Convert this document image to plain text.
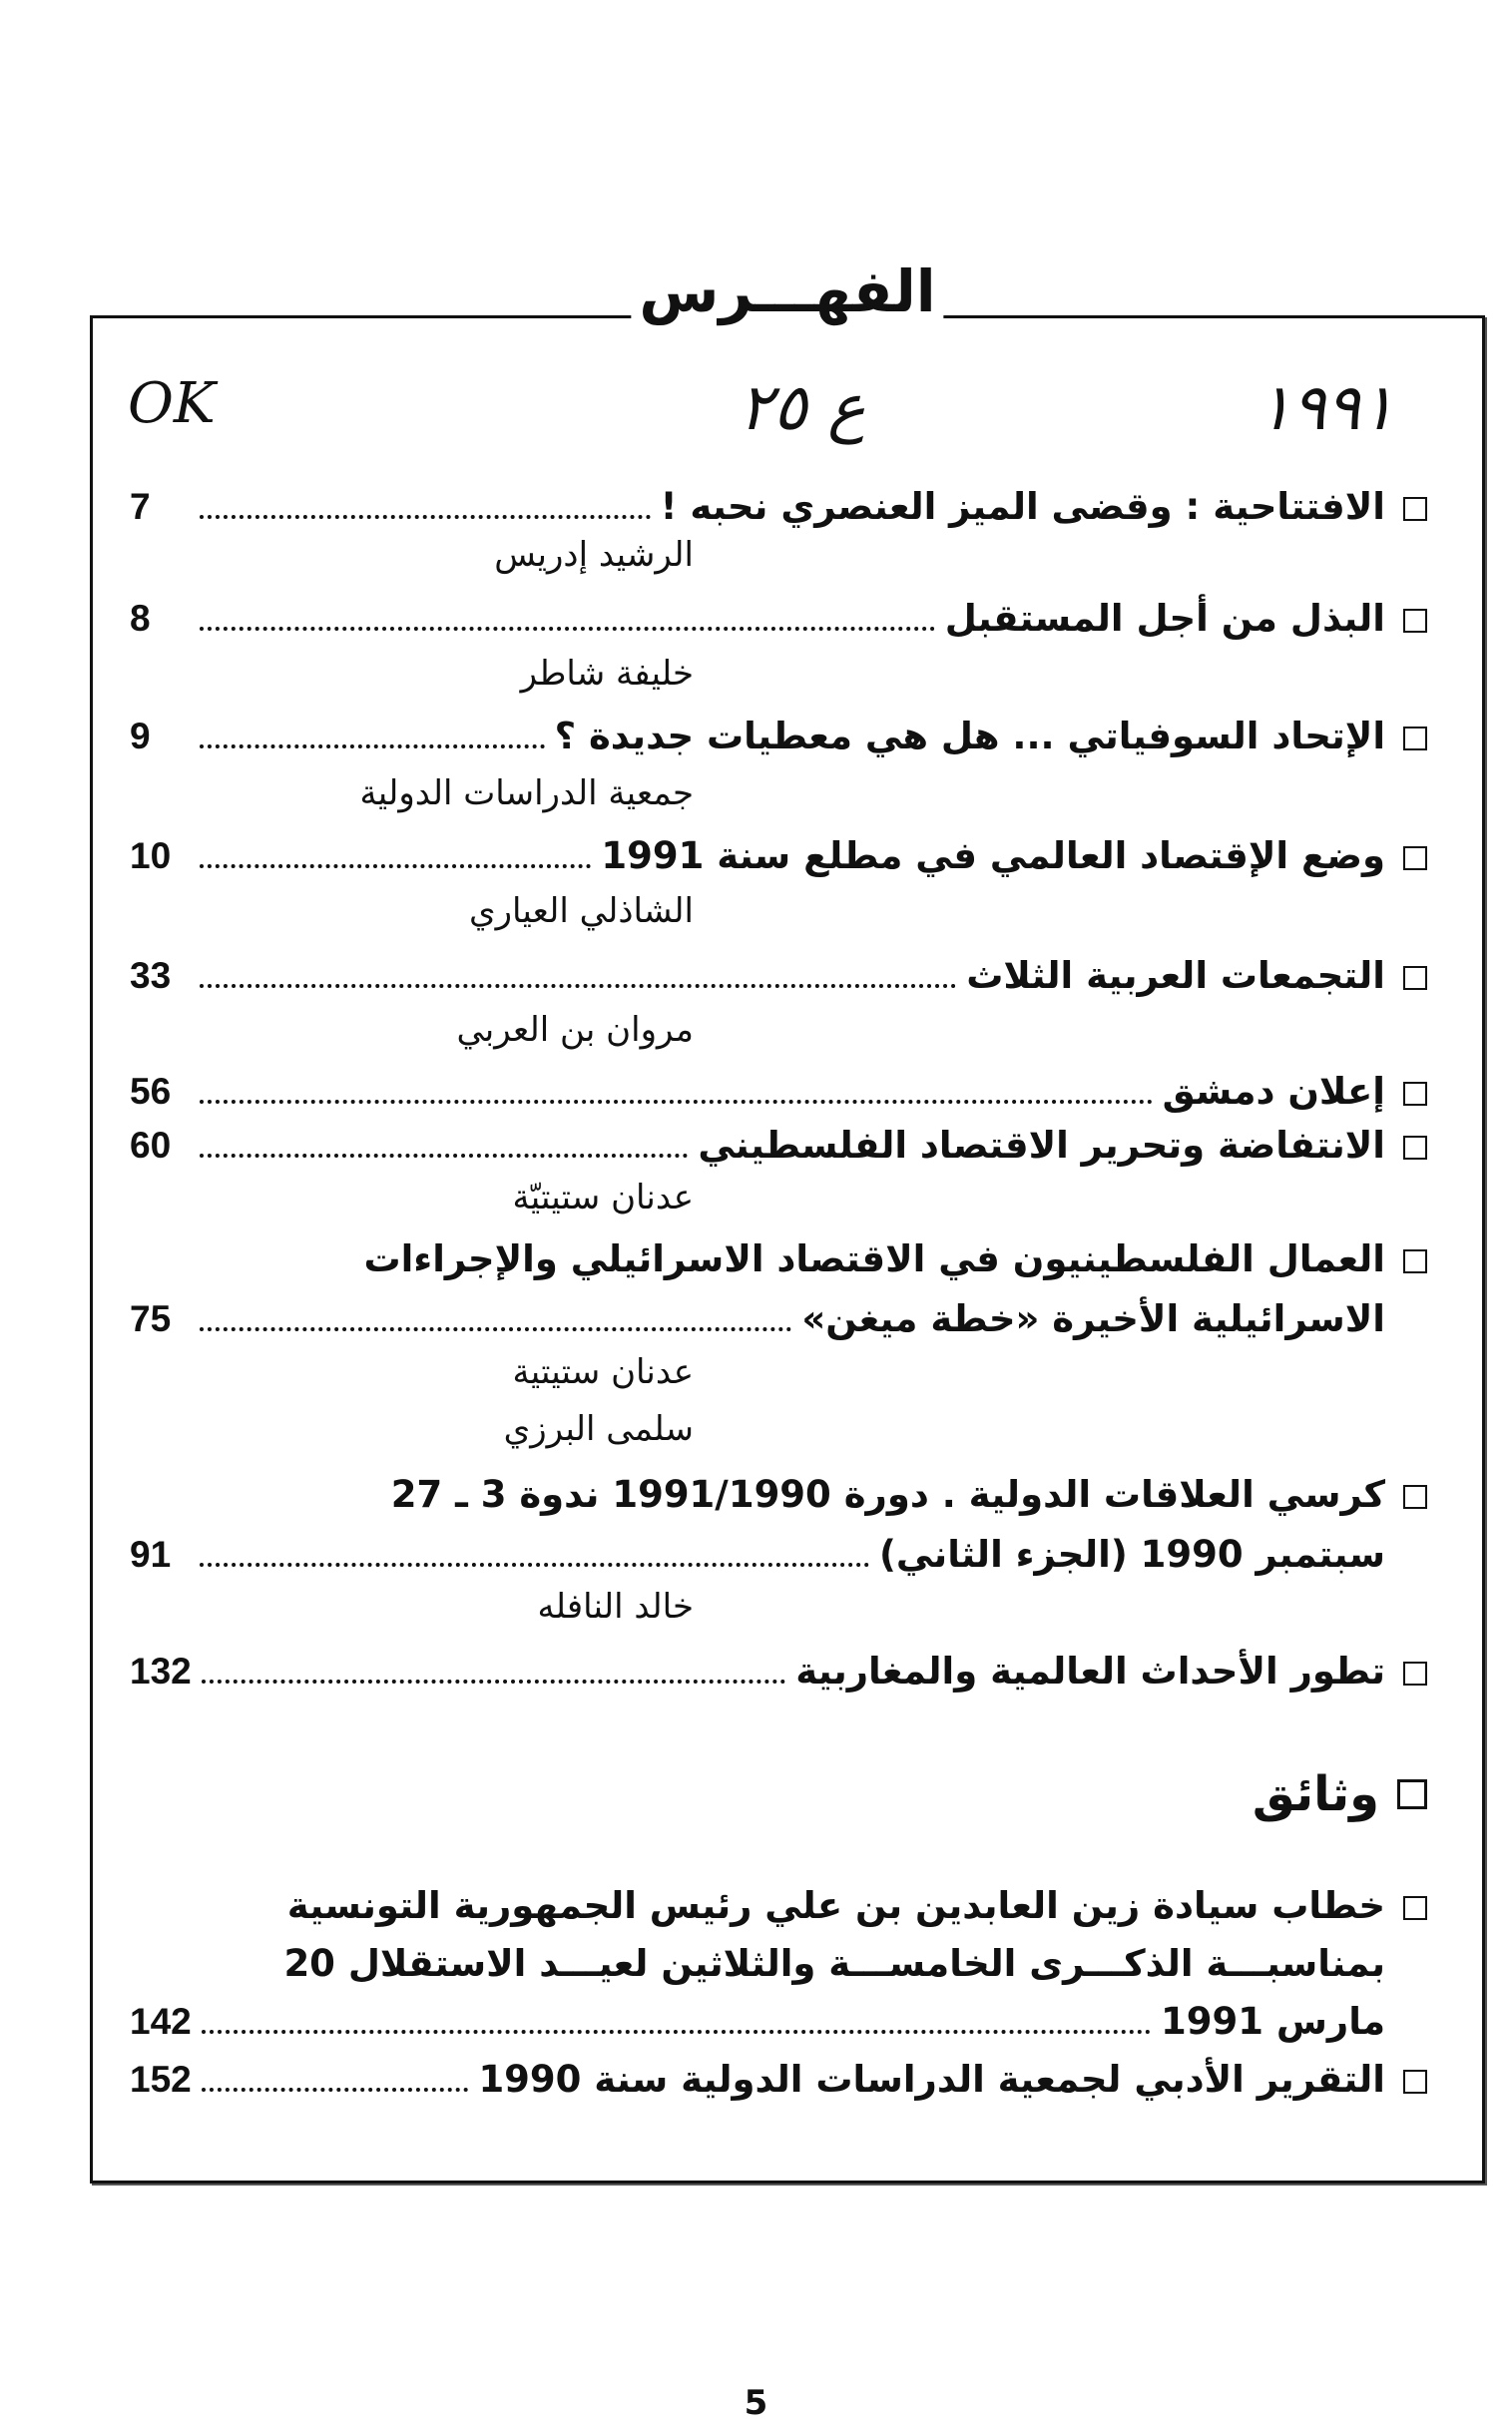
الفهـــرس
OK	ع ٢٥	١٩٩١
الافتتاحية : وقضى الميز العنصري نحبه !
7
الرشيد إدريس
البذل من أجل المستقبل
8
خليفة شاطر
الإتحاد السوفياتي ... هل هي معطيات جديدة ؟
9
جمعية الدراسات الدولية
وضع الإقتصاد العالمي في مطلع سنة 1991
10
الشاذلي العياري
التجمعات العربية الثلاث
33
مروان بن العربي
إعلان دمشق
56
الانتفاضة وتحرير الاقتصاد الفلسطيني
60
عدنان ستيتيّة
العمال الفلسطينيون في الاقتصاد الاسرائيلي والإجراءات
الاسرائيلية الأخيرة «خطة ميغن»
75
عدنان ستيتية
سلمى البرزي
كرسي العلاقات الدولية . دورة 1991/1990 ندوة 3 ـ 27
سبتمبر 1990 (الجزء الثاني)
91
خالد النافله
تطور الأحداث العالمية والمغاربية
132
وثائق
خطاب سيادة زين العابدين بن علي رئيس الجمهورية التونسية
بمناسبـــة الذكـــرى الخامســـة والثلاثين لعيـــد الاستقلال 20
مارس 1991
142
التقرير الأدبي لجمعية الدراسات الدولية سنة 1990
152
5
